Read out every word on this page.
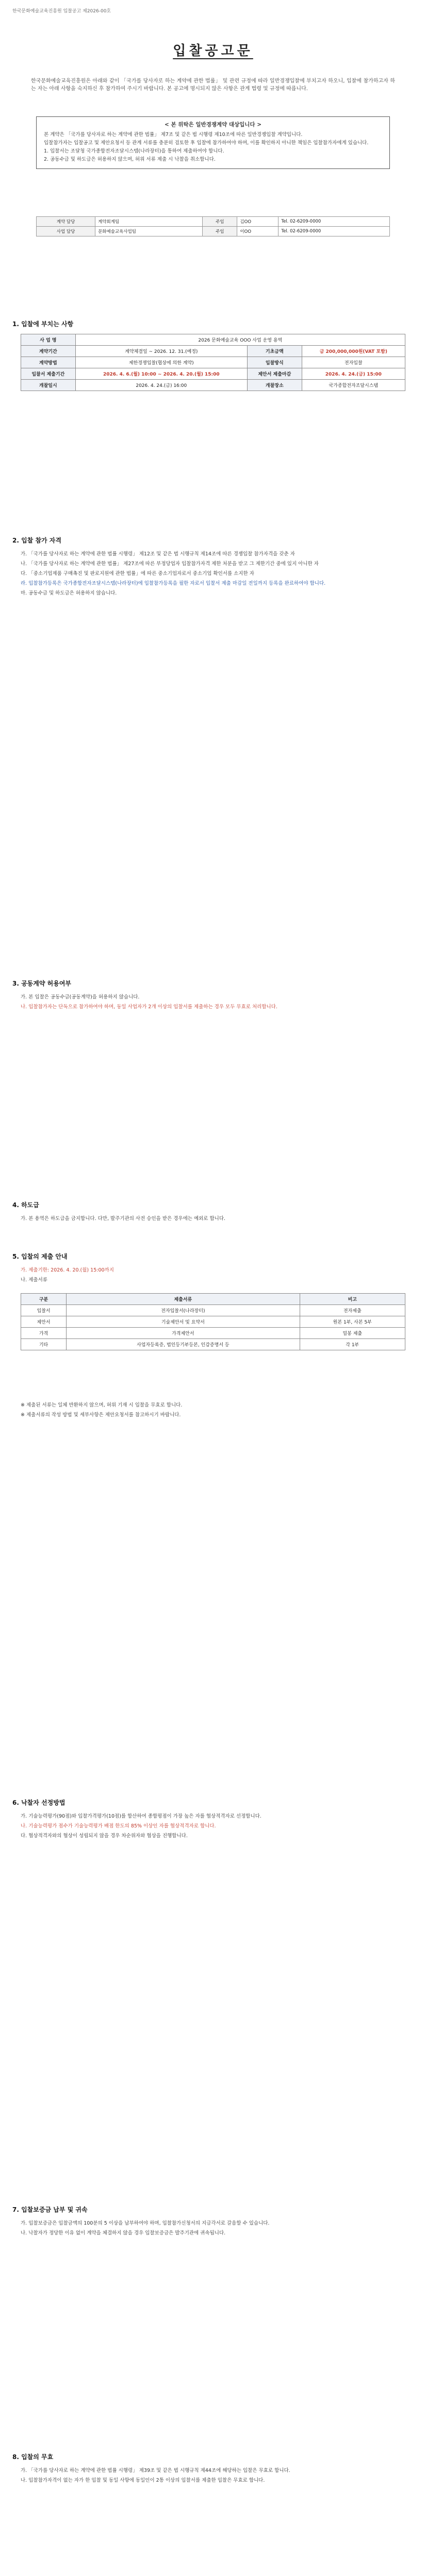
한국문화예술교육진흥원 입찰공고 제2026-00호
입찰공고문
한국문화예술교육진흥원은 아래와 같이 「국가를 당사자로 하는 계약에 관한 법률」 및 관련 규정에 따라 일반경쟁입찰에 부치고자 하오니, 입찰에 참가하고자 하는 자는 아래 사항을 숙지하신 후 참가하여 주시기 바랍니다. 본 공고에 명시되지 않은 사항은 관계 법령 및 규정에 따릅니다.
< 본 위탁은 일반경쟁계약 대상입니다 >

본 계약은 「국가를 당사자로 하는 계약에 관한 법률」 제7조 및 같은 법 시행령 제10조에 따른 일반경쟁입찰 계약입니다.

입찰참가자는 입찰공고 및 제안요청서 등 관계 서류를 충분히 검토한 후 입찰에 참가하여야 하며, 이를 확인하지 아니한 책임은 입찰참가자에게 있습니다.

1. 입찰서는 조달청 국가종합전자조달시스템(나라장터)을 통하여 제출하여야 합니다.

2. 공동수급 및 하도급은 허용하지 않으며, 허위 서류 제출 시 낙찰을 취소합니다.

계약 담당	계약회계팀	주임	김OO	Tel. 02-6209-0000
사업 담당	문화예술교육사업팀	주임	이OO	Tel. 02-6209-0000
1. 입찰에 부치는 사항
사 업 명	2026 문화예술교육 OOO 사업 운영 용역		
계약기간	계약체결일 ~ 2026. 12. 31.(예정)	기초금액	금 200,000,000원(VAT 포함)
계약방법	제한경쟁입찰(협상에 의한 계약)	입찰방식	전자입찰
입찰서 제출기간	2026. 4. 6.(월) 10:00 ~ 2026. 4. 20.(월) 15:00	제안서 제출마감	2026. 4. 24.(금) 15:00
개찰일시	2026. 4. 24.(금) 16:00	개찰장소	국가종합전자조달시스템
2. 입찰 참가 자격

가. 「국가를 당사자로 하는 계약에 관한 법률 시행령」 제12조 및 같은 법 시행규칙 제14조에 따른 경쟁입찰 참가자격을 갖춘 자

나. 「국가를 당사자로 하는 계약에 관한 법률」 제27조에 따른 부정당업자 입찰참가자격 제한 처분을 받고 그 제한기간 중에 있지 아니한 자

다. 「중소기업제품 구매촉진 및 판로지원에 관한 법률」에 따른 중소기업자로서 중소기업 확인서를 소지한 자

라. 입찰참가등록은 국가종합전자조달시스템(나라장터)에 입찰참가등록을 필한 자로서 입찰서 제출 마감일 전일까지 등록을 완료하여야 합니다.

마. 공동수급 및 하도급은 허용하지 않습니다.

3. 공동계약 허용여부

가. 본 입찰은 공동수급(공동계약)을 허용하지 않습니다.

나. 입찰참가자는 단독으로 참가하여야 하며, 동일 사업자가 2개 이상의 입찰서를 제출하는 경우 모두 무효로 처리합니다.

4. 하도급

가. 본 용역은 하도급을 금지합니다. 다만, 발주기관의 사전 승인을 받은 경우에는 예외로 합니다.

5. 입찰의 제출 안내

가. 제출기한: 2026. 4. 20.(월) 15:00까지

나. 제출서류

구분	제출서류	비고
입찰서	전자입찰서(나라장터)	전자제출
제안서	기술제안서 및 요약서	원본 1부, 사본 5부
가격	가격제안서	밀봉 제출
기타	사업자등록증, 법인등기부등본, 인감증명서 등	각 1부

※ 제출된 서류는 일체 반환하지 않으며, 허위 기재 시 입찰을 무효로 합니다.

※ 제출서류의 작성 방법 및 세부사항은 제안요청서를 참고하시기 바랍니다.

6. 낙찰자 선정방법

가. 기술능력평가(90점)와 입찰가격평가(10점)를 합산하여 종합평점이 가장 높은 자를 협상적격자로 선정합니다.

나. 기술능력평가 점수가 기술능력평가 배점 한도의 85% 이상인 자를 협상적격자로 합니다.

다. 협상적격자와의 협상이 성립되지 않을 경우 차순위자와 협상을 진행합니다.

7. 입찰보증금 납부 및 귀속

가. 입찰보증금은 입찰금액의 100분의 5 이상을 납부하여야 하며, 입찰참가신청서의 지급각서로 갈음할 수 있습니다.

나. 낙찰자가 정당한 이유 없이 계약을 체결하지 않을 경우 입찰보증금은 발주기관에 귀속됩니다.

8. 입찰의 무효

가. 「국가를 당사자로 하는 계약에 관한 법률 시행령」 제39조 및 같은 법 시행규칙 제44조에 해당하는 입찰은 무효로 합니다.

나. 입찰참가자격이 없는 자가 한 입찰 및 동일 사항에 동일인이 2통 이상의 입찰서를 제출한 입찰은 무효로 합니다.
